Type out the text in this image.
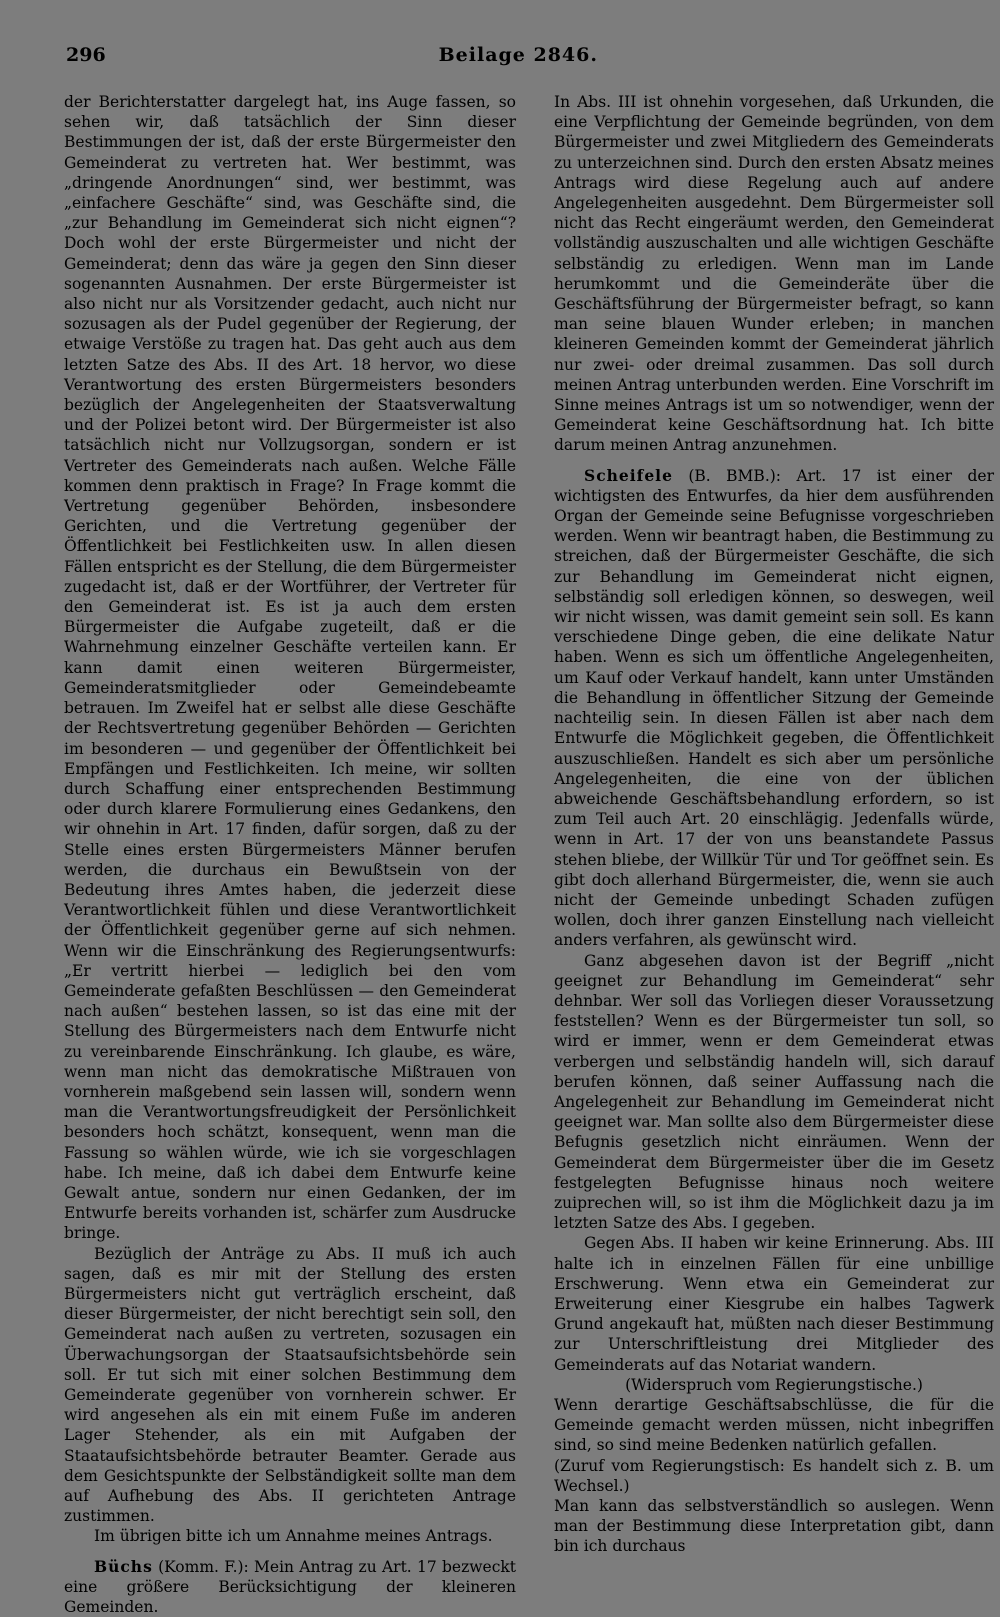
296	Beilage 2846.

der Berichterstatter dargelegt hat, ins Auge fassen, so sehen wir, daß tatsächlich der Sinn dieser Bestimmungen der ist, daß der erste Bürgermeister den Gemeinderat zu vertreten hat. Wer bestimmt, was „dringende Anordnungen“ sind, wer bestimmt, was „einfachere Geschäfte“ sind, was Geschäfte sind, die „zur Behandlung im Gemeinderat sich nicht eignen“? Doch wohl der erste Bürgermeister und nicht der Gemeinderat; denn das wäre ja gegen den Sinn dieser sogenannten Ausnahmen. Der erste Bürgermeister ist also nicht nur als Vorsitzender gedacht, auch nicht nur sozusagen als der Pudel gegenüber der Regierung, der etwaige Verstöße zu tragen hat. Das geht auch aus dem letzten Satze des Abs. II des Art. 18 hervor, wo diese Verantwortung des ersten Bürgermeisters besonders bezüglich der Angelegenheiten der Staatsverwaltung und der Polizei betont wird. Der Bürgermeister ist also tatsächlich nicht nur Vollzugsorgan, sondern er ist Vertreter des Gemeinderats nach außen. Welche Fälle kommen denn praktisch in Frage? In Frage kommt die Vertretung gegenüber Behörden, insbesondere Gerichten, und die Vertretung gegenüber der Öffentlichkeit bei Festlichkeiten usw. In allen diesen Fällen entspricht es der Stellung, die dem Bürgermeister zugedacht ist, daß er der Wortführer, der Vertreter für den Gemeinderat ist. Es ist ja auch dem ersten Bürgermeister die Aufgabe zugeteilt, daß er die Wahrnehmung einzelner Geschäfte verteilen kann. Er kann damit einen weiteren Bürgermeister, Gemeinderatsmitglieder oder Gemeindebeamte betrauen. Im Zweifel hat er selbst alle diese Geschäfte der Rechtsvertretung gegenüber Behörden — Gerichten im besonderen — und gegenüber der Öffentlichkeit bei Empfängen und Festlichkeiten. Ich meine, wir sollten durch Schaffung einer entsprechenden Bestimmung oder durch klarere Formulierung eines Gedankens, den wir ohnehin in Art. 17 finden, dafür sorgen, daß zu der Stelle eines ersten Bürgermeisters Männer berufen werden, die durchaus ein Bewußtsein von der Bedeutung ihres Amtes haben, die jederzeit diese Verantwortlichkeit fühlen und diese Verantwortlichkeit der Öffentlichkeit gegenüber gerne auf sich nehmen. Wenn wir die Einschränkung des Regierungsentwurfs: „Er vertritt hierbei — lediglich bei den vom Gemeinderate gefaßten Beschlüssen — den Gemeinderat nach außen“ bestehen lassen, so ist das eine mit der Stellung des Bürgermeisters nach dem Entwurfe nicht zu vereinbarende Einschränkung. Ich glaube, es wäre, wenn man nicht das demokratische Mißtrauen von vornherein maßgebend sein lassen will, sondern wenn man die Verantwortungsfreudigkeit der Persönlichkeit besonders hoch schätzt, konsequent, wenn man die Fassung so wählen würde, wie ich sie vorgeschlagen habe. Ich meine, daß ich dabei dem Entwurfe keine Gewalt antue, sondern nur einen Gedanken, der im Entwurfe bereits vorhanden ist, schärfer zum Ausdrucke bringe.

Bezüglich der Anträge zu Abs. II muß ich auch sagen, daß es mir mit der Stellung des ersten Bürgermeisters nicht gut verträglich erscheint, daß dieser Bürgermeister, der nicht berechtigt sein soll, den Gemeinderat nach außen zu vertreten, sozusagen ein Überwachungsorgan der Staatsaufsichtsbehörde sein soll. Er tut sich mit einer solchen Bestimmung dem Gemeinderate gegenüber von vornherein schwer. Er wird angesehen als ein mit einem Fuße im anderen Lager Stehender, als ein mit Aufgaben der Staataufsichtsbehörde betrauter Beamter. Gerade aus dem Gesichtspunkte der Selbständigkeit sollte man dem auf Aufhebung des Abs. II gerichteten Antrage zustimmen.

Im übrigen bitte ich um Annahme meines Antrags.

Büchs (Komm. F.): Mein Antrag zu Art. 17 bezweckt eine größere Berücksichtigung der kleineren Gemeinden.

In Abs. III ist ohnehin vorgesehen, daß Urkunden, die eine Verpflichtung der Gemeinde begründen, von dem Bürgermeister und zwei Mitgliedern des Gemeinderats zu unterzeichnen sind. Durch den ersten Absatz meines Antrags wird diese Regelung auch auf andere Angelegenheiten ausgedehnt. Dem Bürgermeister soll nicht das Recht eingeräumt werden, den Gemeinderat vollständig auszuschalten und alle wichtigen Geschäfte selbständig zu erledigen. Wenn man im Lande herumkommt und die Gemeinderäte über die Geschäftsführung der Bürgermeister befragt, so kann man seine blauen Wunder erleben; in manchen kleineren Gemeinden kommt der Gemeinderat jährlich nur zwei- oder dreimal zusammen. Das soll durch meinen Antrag unterbunden werden. Eine Vorschrift im Sinne meines Antrags ist um so notwendiger, wenn der Gemeinderat keine Geschäftsordnung hat. Ich bitte darum meinen Antrag anzunehmen.

Scheifele (B. BMB.): Art. 17 ist einer der wichtigsten des Entwurfes, da hier dem ausführenden Organ der Gemeinde seine Befugnisse vorgeschrieben werden. Wenn wir beantragt haben, die Bestimmung zu streichen, daß der Bürgermeister Geschäfte, die sich zur Behandlung im Gemeinderat nicht eignen, selbständig soll erledigen können, so deswegen, weil wir nicht wissen, was damit gemeint sein soll. Es kann verschiedene Dinge geben, die eine delikate Natur haben. Wenn es sich um öffentliche Angelegenheiten, um Kauf oder Verkauf handelt, kann unter Umständen die Behandlung in öffentlicher Sitzung der Gemeinde nachteilig sein. In diesen Fällen ist aber nach dem Entwurfe die Möglichkeit gegeben, die Öffentlichkeit auszuschließen. Handelt es sich aber um persönliche Angelegenheiten, die eine von der üblichen abweichende Geschäftsbehandlung erfordern, so ist zum Teil auch Art. 20 einschlägig. Jedenfalls würde, wenn in Art. 17 der von uns beanstandete Passus stehen bliebe, der Willkür Tür und Tor geöffnet sein. Es gibt doch allerhand Bürgermeister, die, wenn sie auch nicht der Gemeinde unbedingt Schaden zufügen wollen, doch ihrer ganzen Einstellung nach vielleicht anders verfahren, als gewünscht wird.

Ganz abgesehen davon ist der Begriff „nicht geeignet zur Behandlung im Gemeinderat“ sehr dehnbar. Wer soll das Vorliegen dieser Voraussetzung feststellen? Wenn es der Bürgermeister tun soll, so wird er immer, wenn er dem Gemeinderat etwas verbergen und selbständig handeln will, sich darauf berufen können, daß seiner Auffassung nach die Angelegenheit zur Behandlung im Gemeinderat nicht geeignet war. Man sollte also dem Bürgermeister diese Befugnis gesetzlich nicht einräumen. Wenn der Gemeinderat dem Bürgermeister über die im Gesetz festgelegten Befugnisse hinaus noch weitere zuiprechen will, so ist ihm die Möglichkeit dazu ja im letzten Satze des Abs. I gegeben.

Gegen Abs. II haben wir keine Erinnerung. Abs. III halte ich in einzelnen Fällen für eine unbillige Erschwerung. Wenn etwa ein Gemeinderat zur Erweiterung einer Kiesgrube ein halbes Tagwerk Grund angekauft hat, müßten nach dieser Bestimmung zur Unterschriftleistung drei Mitglieder des Gemeinderats auf das Notariat wandern.

(Widerspruch vom Regierungstische.)

Wenn derartige Geschäftsabschlüsse, die für die Gemeinde gemacht werden müssen, nicht inbegriffen sind, so sind meine Bedenken natürlich gefallen.

(Zuruf vom Regierungstisch: Es handelt sich z. B. um Wechsel.)

Man kann das selbstverständlich so auslegen. Wenn man der Bestimmung diese Interpretation gibt, dann bin ich durchaus
